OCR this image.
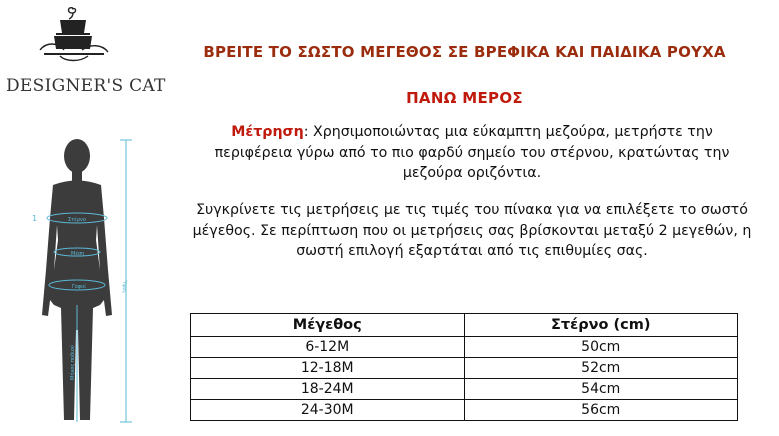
DESIGNER'S CAT
1	Στέρνο
Μέση
Γοφοί	Ύψος
Μήκος ποδιού
ΒΡΕΙΤΕ ΤΟ ΣΩΣΤΟ ΜΕΓΕΘΟΣ ΣΕ ΒΡΕΦΙΚΑ ΚΑΙ ΠΑΙΔΙΚΑ ΡΟΥΧΑ
ΠΑΝΩ ΜΕΡΟΣ
Μέτρηση: Χρησιμοποιώντας μια εύκαμπτη μεζούρα, μετρήστε την περιφέρεια γύρω από το πιο φαρδύ σημείο του στέρνου, κρατώντας την μεζούρα οριζόντια.
Συγκρίνετε τις μετρήσεις με τις τιμές του πίνακα για να επιλέξετε το σωστό μέγεθος. Σε περίπτωση που οι μετρήσεις σας βρίσκονται μεταξύ 2 μεγεθών, η σωστή επιλογή εξαρτάται από τις επιθυμίες σας.
Μέγεθος	Στέρνο (cm)
6-12M	50cm
12-18M	52cm
18-24M	54cm
24-30M	56cm
